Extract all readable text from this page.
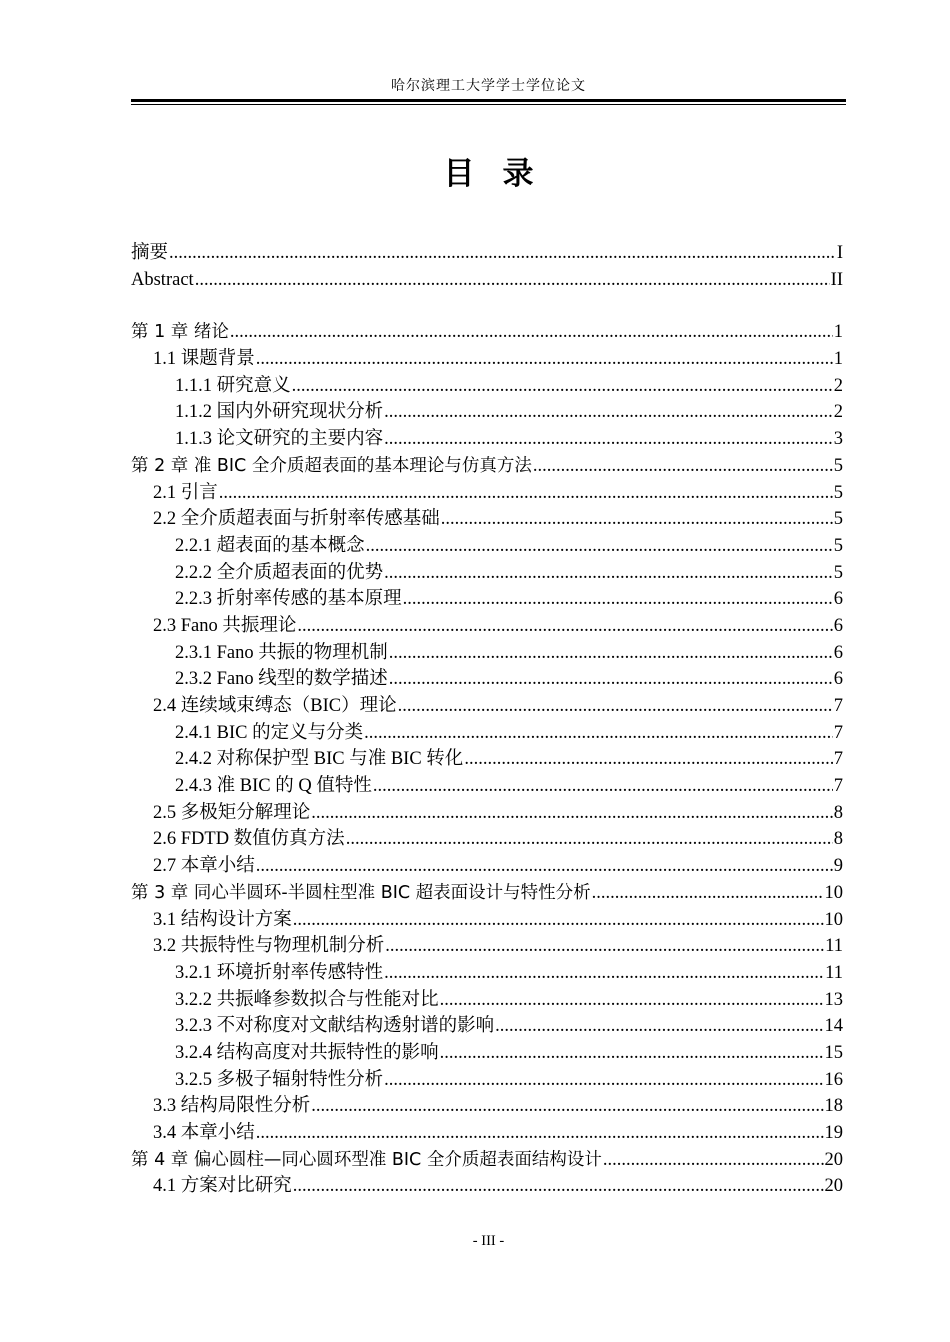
哈尔滨理工大学学士学位论文
目录
摘要 .....	I
Abstract .....	II
第 1 章 绪论 .....	1
1.1 课题背景 .....	1
1.1.1 研究意义 .....	2
1.1.2 国内外研究现状分析 .....	2
1.1.3 论文研究的主要内容 .....	3
第 2 章 准 BIC 全介质超表面的基本理论与仿真方法 .....	5
2.1 引言 .....	5
2.2 全介质超表面与折射率传感基础 .....	5
2.2.1 超表面的基本概念 .....	5
2.2.2 全介质超表面的优势 .....	5
2.2.3 折射率传感的基本原理 .....	6
2.3 Fano 共振理论 .....	6
2.3.1 Fano 共振的物理机制 .....	6
2.3.2 Fano 线型的数学描述 .....	6
2.4 连续域束缚态（BIC）理论 .....	7
2.4.1 BIC 的定义与分类 .....	7
2.4.2 对称保护型 BIC 与准 BIC 转化 .....	7
2.4.3 准 BIC 的 Q 值特性 .....	7
2.5 多极矩分解理论 .....	8
2.6 FDTD 数值仿真方法 .....	8
2.7 本章小结 .....	9
第 3 章 同心半圆环-半圆柱型准 BIC 超表面设计与特性分析 .....	10
3.1 结构设计方案 .....	10
3.2 共振特性与物理机制分析 .....	11
3.2.1 环境折射率传感特性 .....	11
3.2.2 共振峰参数拟合与性能对比 .....	13
3.2.3 不对称度对文献结构透射谱的影响 .....	14
3.2.4 结构高度对共振特性的影响 .....	15
3.2.5 多极子辐射特性分析 .....	16
3.3 结构局限性分析 .....	18
3.4 本章小结 .....	19
第 4 章 偏心圆柱—同心圆环型准 BIC 全介质超表面结构设计 .....	20
4.1 方案对比研究 .....	20
- III -
